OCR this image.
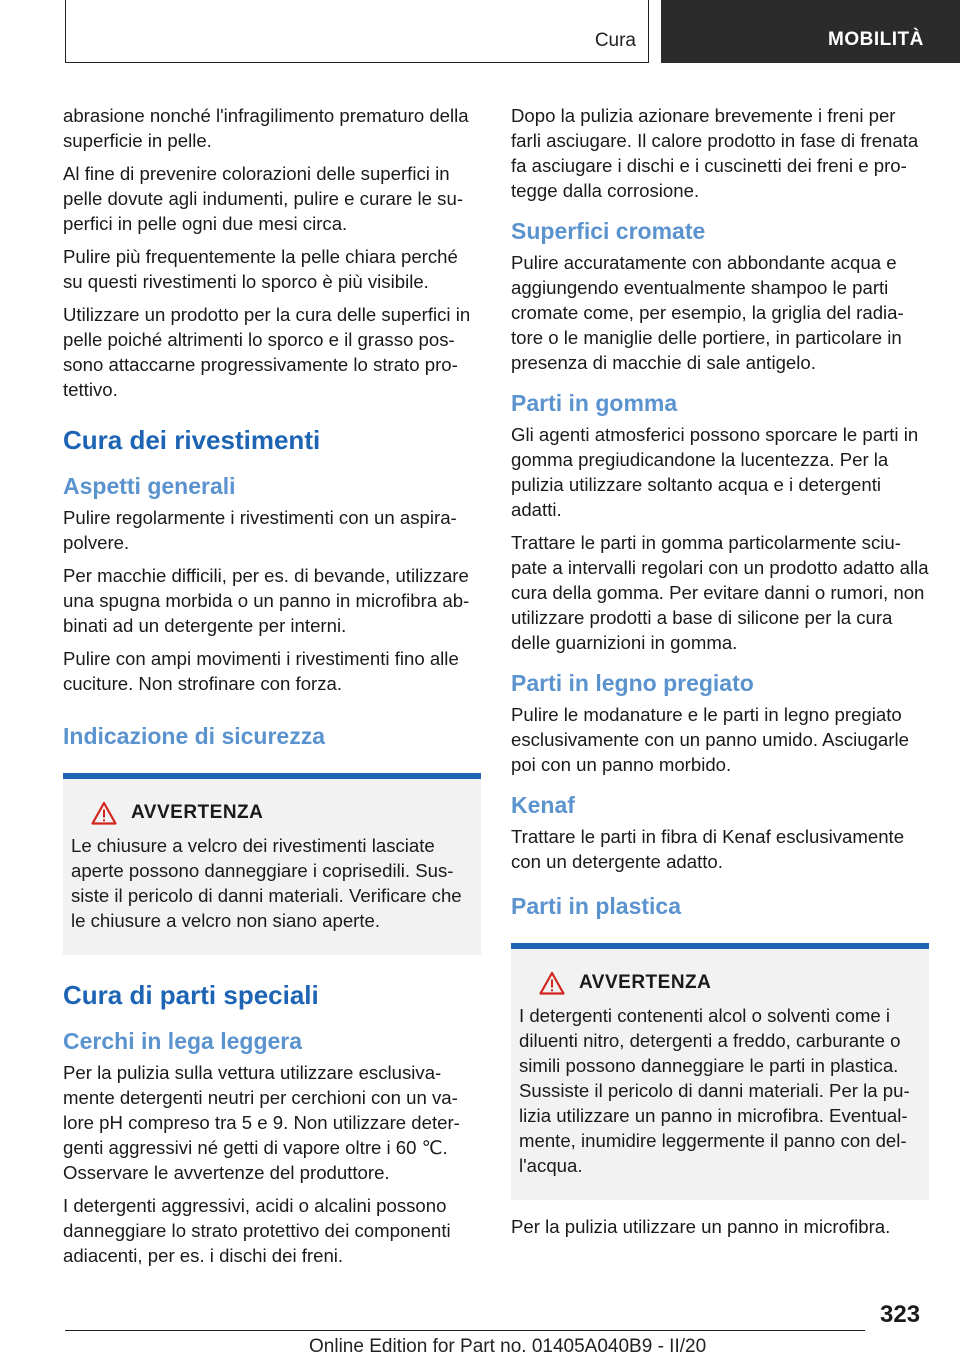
Cura	MOBILITÀ

abrasione nonché l'infragilimento prematuro della superficie in pelle.

Al fine di prevenire colorazioni delle superfici in pelle dovute agli indumenti, pulire e curare le superfici in pelle ogni due mesi circa.

Pulire più frequentemente la pelle chiara perché su questi rivestimenti lo sporco è più visibile.

Utilizzare un prodotto per la cura delle superfici in pelle poiché altrimenti lo sporco e il grasso possono attaccarne progressivamente lo strato protettivo.

Cura dei rivestimenti
Aspetti generali

Pulire regolarmente i rivestimenti con un aspirapolvere.

Per macchie difficili, per es. di bevande, utilizzare una spugna morbida o un panno in microfibra abbinati ad un detergente per interni.

Pulire con ampi movimenti i rivestimenti fino alle cuciture. Non strofinare con forza.

Indicazione di sicurezza
AVVERTENZA

Le chiusure a velcro dei rivestimenti lasciate aperte possono danneggiare i coprisedili. Sussiste il pericolo di danni materiali. Verificare che le chiusure a velcro non siano aperte.

Cura di parti speciali
Cerchi in lega leggera

Per la pulizia sulla vettura utilizzare esclusivamente detergenti neutri per cerchioni con un valore pH compreso tra 5 e 9. Non utilizzare detergenti aggressivi né getti di vapore oltre i 60 ℃. Osservare le avvertenze del produttore.

I detergenti aggressivi, acidi o alcalini possono danneggiare lo strato protettivo dei componenti adiacenti, per es. i dischi dei freni.

Dopo la pulizia azionare brevemente i freni per farli asciugare. Il calore prodotto in fase di frenata fa asciugare i dischi e i cuscinetti dei freni e protegge dalla corrosione.

Superfici cromate

Pulire accuratamente con abbondante acqua e aggiungendo eventualmente shampoo le parti cromate come, per esempio, la griglia del radiatore o le maniglie delle portiere, in particolare in presenza di macchie di sale antigelo.

Parti in gomma

Gli agenti atmosferici possono sporcare le parti in gomma pregiudicandone la lucentezza. Per la pulizia utilizzare soltanto acqua e i detergenti adatti.

Trattare le parti in gomma particolarmente sciupate a intervalli regolari con un prodotto adatto alla cura della gomma. Per evitare danni o rumori, non utilizzare prodotti a base di silicone per la cura delle guarnizioni in gomma.

Parti in legno pregiato

Pulire le modanature e le parti in legno pregiato esclusivamente con un panno umido. Asciugarle poi con un panno morbido.

Kenaf

Trattare le parti in fibra di Kenaf esclusivamente con un detergente adatto.

Parti in plastica
AVVERTENZA

I detergenti contenenti alcol o solventi come i diluenti nitro, detergenti a freddo, carburante o simili possono danneggiare le parti in plastica. Sussiste il pericolo di danni materiali. Per la pulizia utilizzare un panno in microfibra. Eventualmente, inumidire leggermente il panno con dell'acqua.

Per la pulizia utilizzare un panno in microfibra.

323
Online Edition for Part no. 01405A040B9 - II/20
